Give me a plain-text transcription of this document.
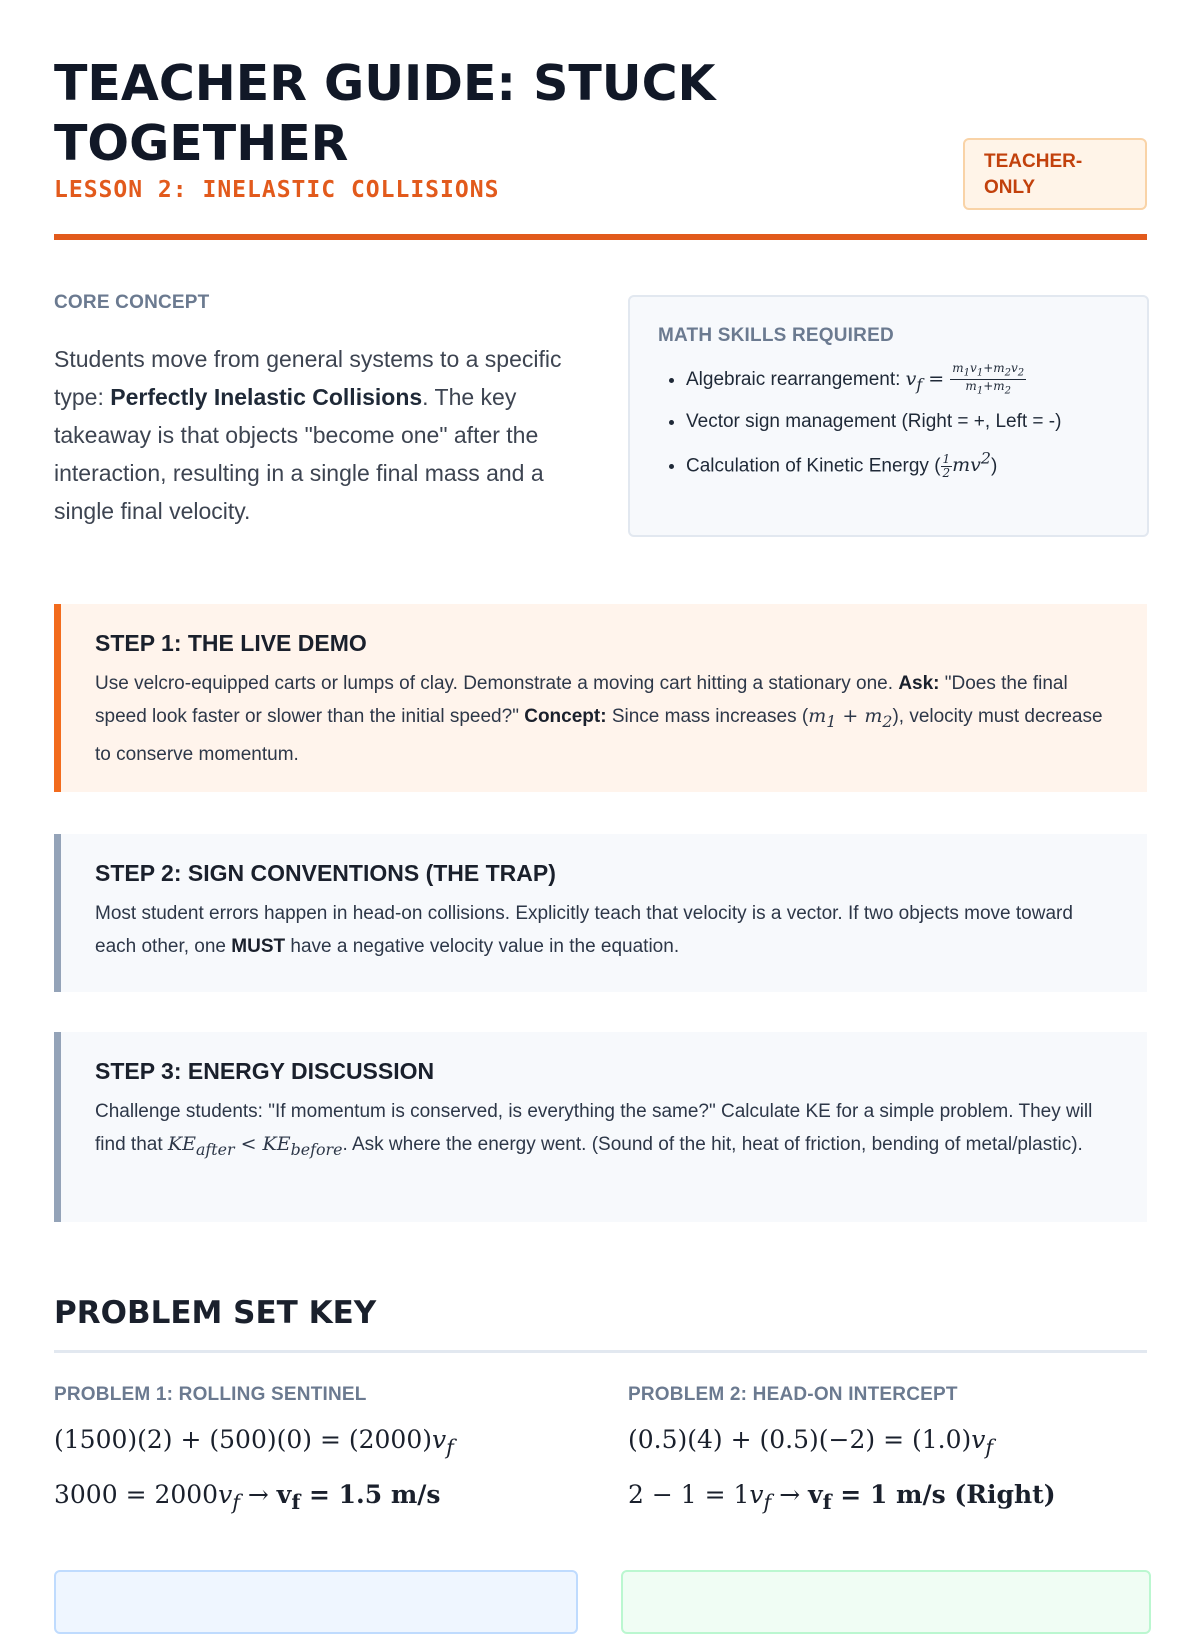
TEACHER GUIDE: STUCK TOGETHER
LESSON 2: INELASTIC COLLISIONS
TEACHER-ONLY
CORE CONCEPT
Students move from general systems to a specific type: Perfectly Inelastic Collisions. The key takeaway is that objects "become one" after the interaction, resulting in a single final mass and a single final velocity.
MATH SKILLS REQUIRED
• Algebraic rearrangement: $v_f = \frac{m_1v_1+m_2v_2}{m_1+m_2}$
• Vector sign management (Right = +, Left = -)
• Calculation of Kinetic Energy ( $\frac{1}{2} mv^2$)
STEP 1: THE LIVE DEMO
Use velcro-equipped carts or lumps of clay. Demonstrate a moving cart hitting a stationary one. Ask: "Does the final speed look faster or slower than the initial speed?" Concept: Since mass increases $(m_1 + m_2)$, velocity must decrease to conserve momentum.
STEP 2: SIGN CONVENTIONS (THE TRAP)
Most student errors happen in head-on collisions. Explicitly teach that velocity is a vector. If two objects move toward each other, one MUST have a negative velocity value in the equation.
STEP 3: ENERGY DISCUSSION
Challenge students: "If momentum is conserved, is everything the same?" Calculate KE for a simple problem. They will find that $KE_{after} < KE_{before}$. Ask where the energy went. (Sound of the hit, heat of friction, bending of metal/plastic).
PROBLEM SET KEY
PROBLEM 1: ROLLING SENTINEL
$(1500)(2) + (500)(0) = (2000)v_f$
$3000 = 2000v_f \to v_f = 1.5$ m/s
PROBLEM 2: HEAD-ON INTERCEPT
$(0.5)(4) + (0.5)(-2) = (1.0)v_f$
$2 - 1 = 1v_f \to v_f = 1$ m/s (Right)
